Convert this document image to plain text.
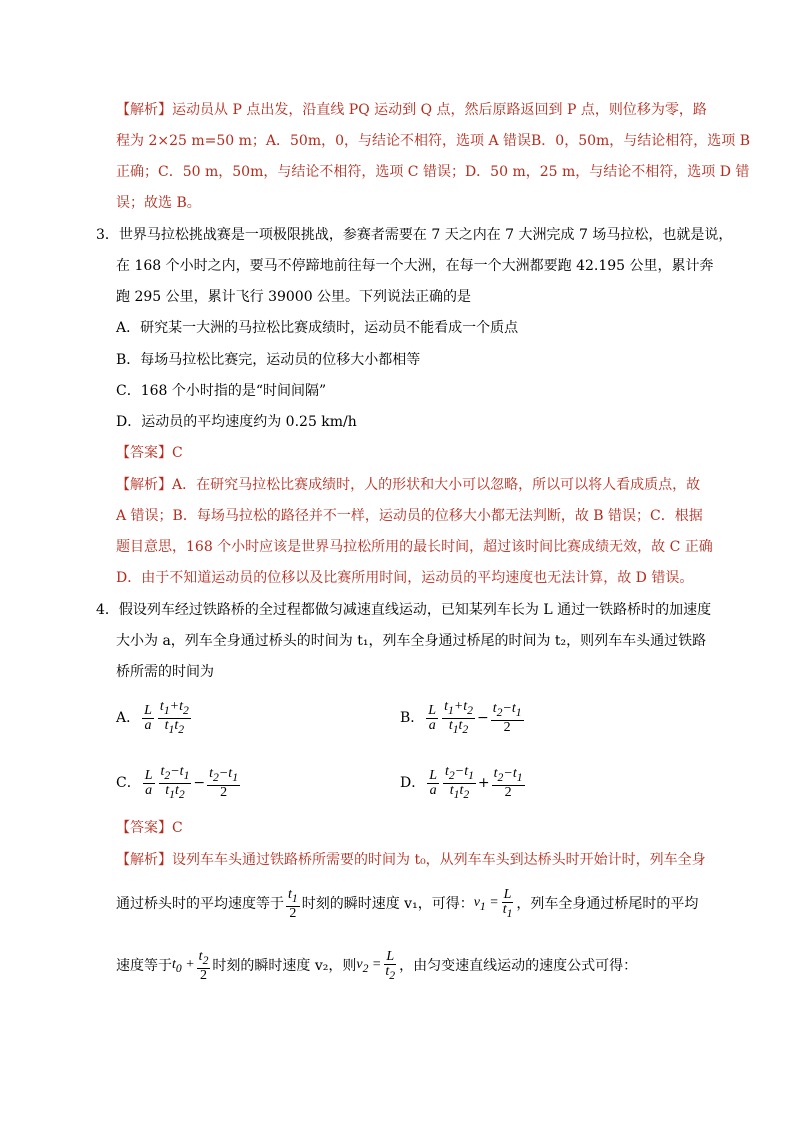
【解析】运动员从 P 点出发，沿直线 PQ 运动到 Q 点，然后原路返回到 P 点，则位移为零，路
程为 2×25 m=50 m；A．50m，0，与结论不相符，选项 A 错误B．0，50m，与结论相符，选项 B
正确；C．50 m，50m，与结论不相符，选项 C 错误；D．50 m，25 m，与结论不相符，选项 D 错
误；故选 B。
3．世界马拉松挑战赛是一项极限挑战，参赛者需要在 7 天之内在 7 大洲完成 7 场马拉松，也就是说，
在 168 个小时之内，要马不停蹄地前往每一个大洲，在每一个大洲都要跑 42.195 公里，累计奔
跑 295 公里，累计飞行 39000 公里。下列说法正确的是
A．研究某一大洲的马拉松比赛成绩时，运动员不能看成一个质点
B．每场马拉松比赛完，运动员的位移大小都相等
C．168 个小时指的是“时间间隔”
D．运动员的平均速度约为 0.25 km/h
【答案】C
【解析】A．在研究马拉松比赛成绩时，人的形状和大小可以忽略，所以可以将人看成质点，故
A 错误；B．每场马拉松的路径并不一样，运动员的位移大小都无法判断，故 B 错误；C．根据
题目意思，168 个小时应该是世界马拉松所用的最长时间，超过该时间比赛成绩无效，故 C 正确
D．由于不知道运动员的位移以及比赛所用时间，运动员的平均速度也无法计算，故 D 错误。
4．假设列车经过铁路桥的全过程都做匀减速直线运动，已知某列车长为 L 通过一铁路桥时的加速度
大小为 a，列车全身通过桥头的时间为 t₁，列车全身通过桥尾的时间为 t₂，则列车车头通过铁路
桥所需的时间为
A． $\frac{L}{a} \frac{t_1+t_2}{t_1t_2}$	B． $\frac{L}{a} \frac{t_1+t_2}{t_1t_2} - \frac{t_2-t_1}{2}$
C． $\frac{L}{a} \frac{t_2-t_1}{t_1t_2} - \frac{t_2-t_1}{2}$	D． $\frac{L}{a} \frac{t_2-t_1}{t_1t_2} + \frac{t_2-t_1}{2}$
【答案】C
【解析】设列车车头通过铁路桥所需要的时间为 t₀，从列车车头到达桥头时开始计时，列车全身
通过桥头时的平均速度等于 $\frac{t_1}{2}$ 时刻的瞬时速度 v₁，可得： $v_1 = \frac{L}{t_1}$ ，列车全身通过桥尾时的平均
速度等于 $t_0 + \frac{t_2}{2}$ 时刻的瞬时速度 v₂，则 $v_2 = \frac{L}{t_2}$ ，由匀变速直线运动的速度公式可得：
